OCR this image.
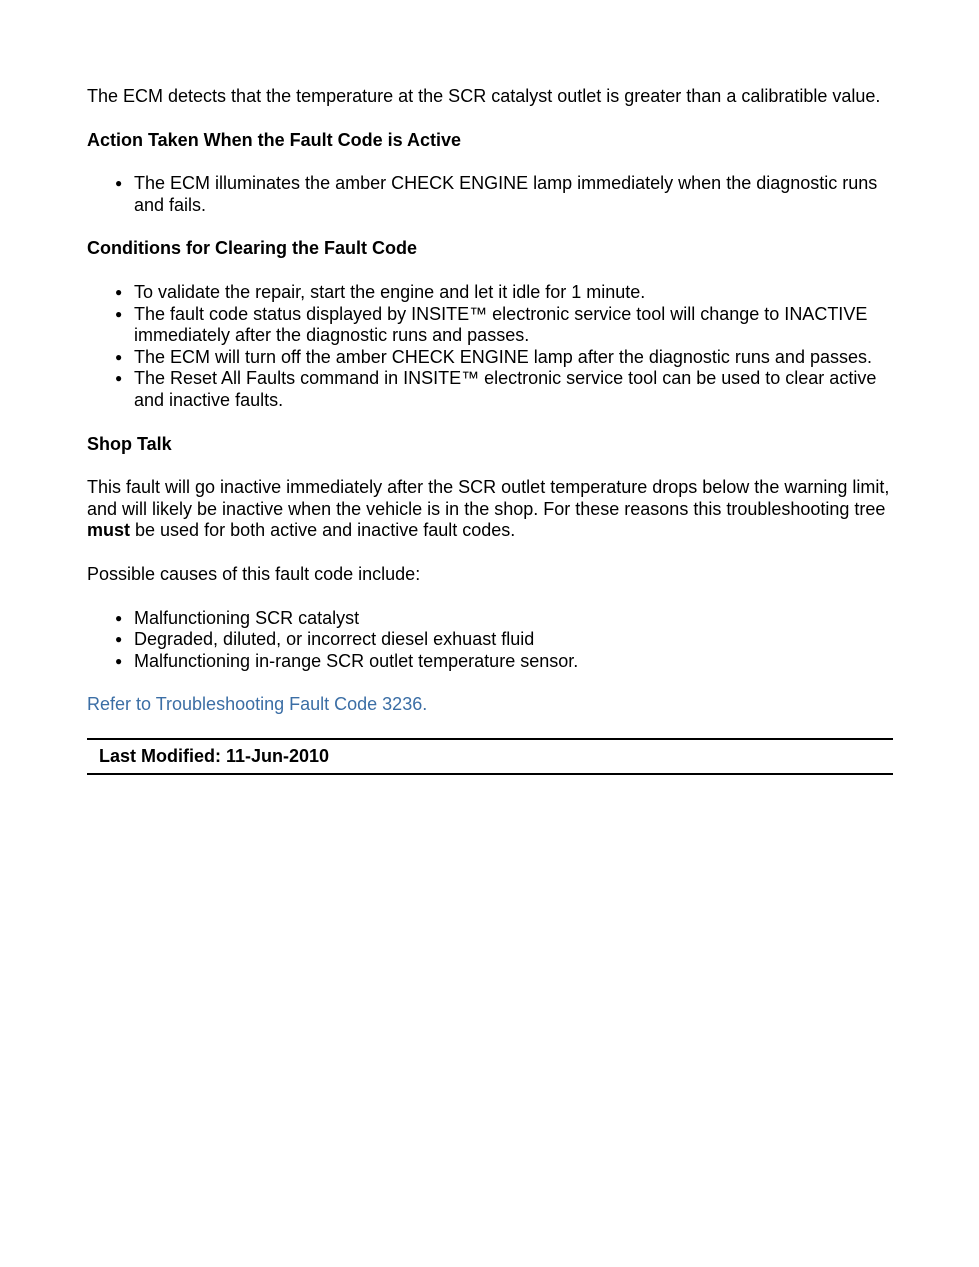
The ECM detects that the temperature at the SCR catalyst outlet is greater than a calibratible value.

Action Taken When the Fault Code is Active

● The ECM illuminates the amber CHECK ENGINE lamp immediately when the diagnostic runs and fails.

Conditions for Clearing the Fault Code

● To validate the repair, start the engine and let it idle for 1 minute.
● The fault code status displayed by INSITE™ electronic service tool will change to INACTIVE immediately after the diagnostic runs and passes.
● The ECM will turn off the amber CHECK ENGINE lamp after the diagnostic runs and passes.
● The Reset All Faults command in INSITE™ electronic service tool can be used to clear active and inactive faults.

Shop Talk

This fault will go inactive immediately after the SCR outlet temperature drops below the warning limit, and will likely be inactive when the vehicle is in the shop. For these reasons this troubleshooting tree must be used for both active and inactive fault codes.

Possible causes of this fault code include:

● Malfunctioning SCR catalyst
● Degraded, diluted, or incorrect diesel exhuast fluid
● Malfunctioning in-range SCR outlet temperature sensor.
Refer to Troubleshooting Fault Code 3236.
Last Modified: 11-Jun-2010
